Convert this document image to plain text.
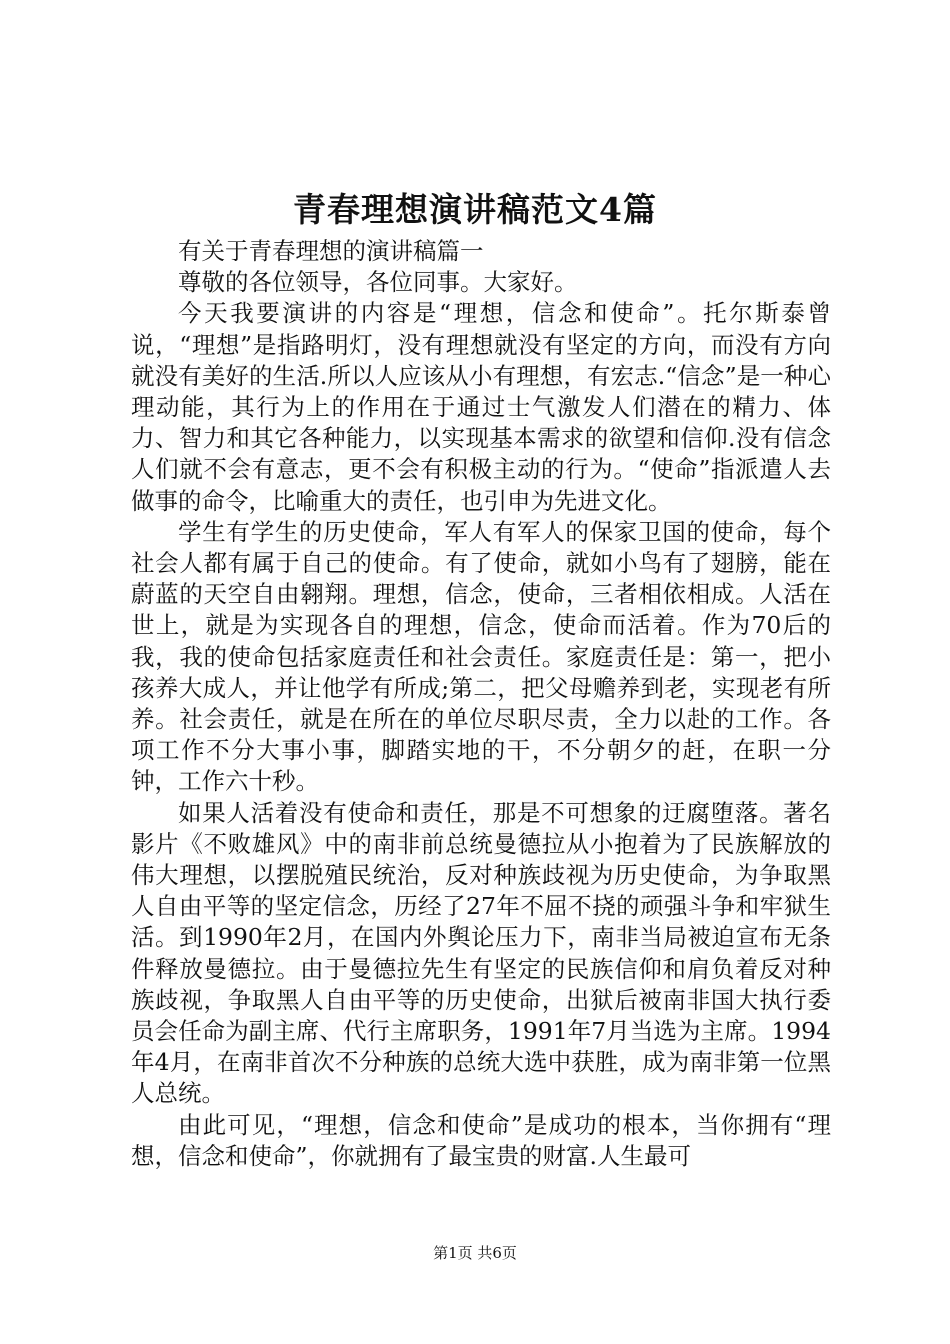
青春理想演讲稿范文4篇

有关于青春理想的演讲稿篇一

尊敬的各位领导，各位同事。大家好。

今天我要演讲的内容是“理想，信念和使命”。托尔斯泰曾说，“理想”是指路明灯，没有理想就没有坚定的方向，而没有方向就没有美好的生活.所以人应该从小有理想，有宏志.“信念”是一种心理动能，其行为上的作用在于通过士气激发人们潜在的精力、体力、智力和其它各种能力，以实现基本需求的欲望和信仰.没有信念人们就不会有意志，更不会有积极主动的行为。“使命”指派遣人去做事的命令，比喻重大的责任，也引申为先进文化。

学生有学生的历史使命，军人有军人的保家卫国的使命，每个社会人都有属于自己的使命。有了使命，就如小鸟有了翅膀，能在蔚蓝的天空自由翱翔。理想，信念，使命，三者相依相成。人活在世上，就是为实现各自的理想，信念，使命而活着。作为70后的我，我的使命包括家庭责任和社会责任。家庭责任是：第一，把小孩养大成人，并让他学有所成;第二，把父母赡养到老，实现老有所养。社会责任，就是在所在的单位尽职尽责，全力以赴的工作。各项工作不分大事小事，脚踏实地的干，不分朝夕的赶，在职一分钟，工作六十秒。

如果人活着没有使命和责任，那是不可想象的迂腐堕落。著名影片《不败雄风》中的南非前总统曼德拉从小抱着为了民族解放的伟大理想，以摆脱殖民统治，反对种族歧视为历史使命，为争取黑人自由平等的坚定信念，历经了27年不屈不挠的顽强斗争和牢狱生活。到1990年2月，在国内外舆论压力下，南非当局被迫宣布无条件释放曼德拉。由于曼德拉先生有坚定的民族信仰和肩负着反对种族歧视，争取黑人自由平等的历史使命，出狱后被南非国大执行委员会任命为副主席、代行主席职务，1991年7月当选为主席。1994年4月，在南非首次不分种族的总统大选中获胜，成为南非第一位黑人总统。

由此可见，“理想，信念和使命”是成功的根本，当你拥有“理想，信念和使命”，你就拥有了最宝贵的财富.人生最可

第1页 共6页
